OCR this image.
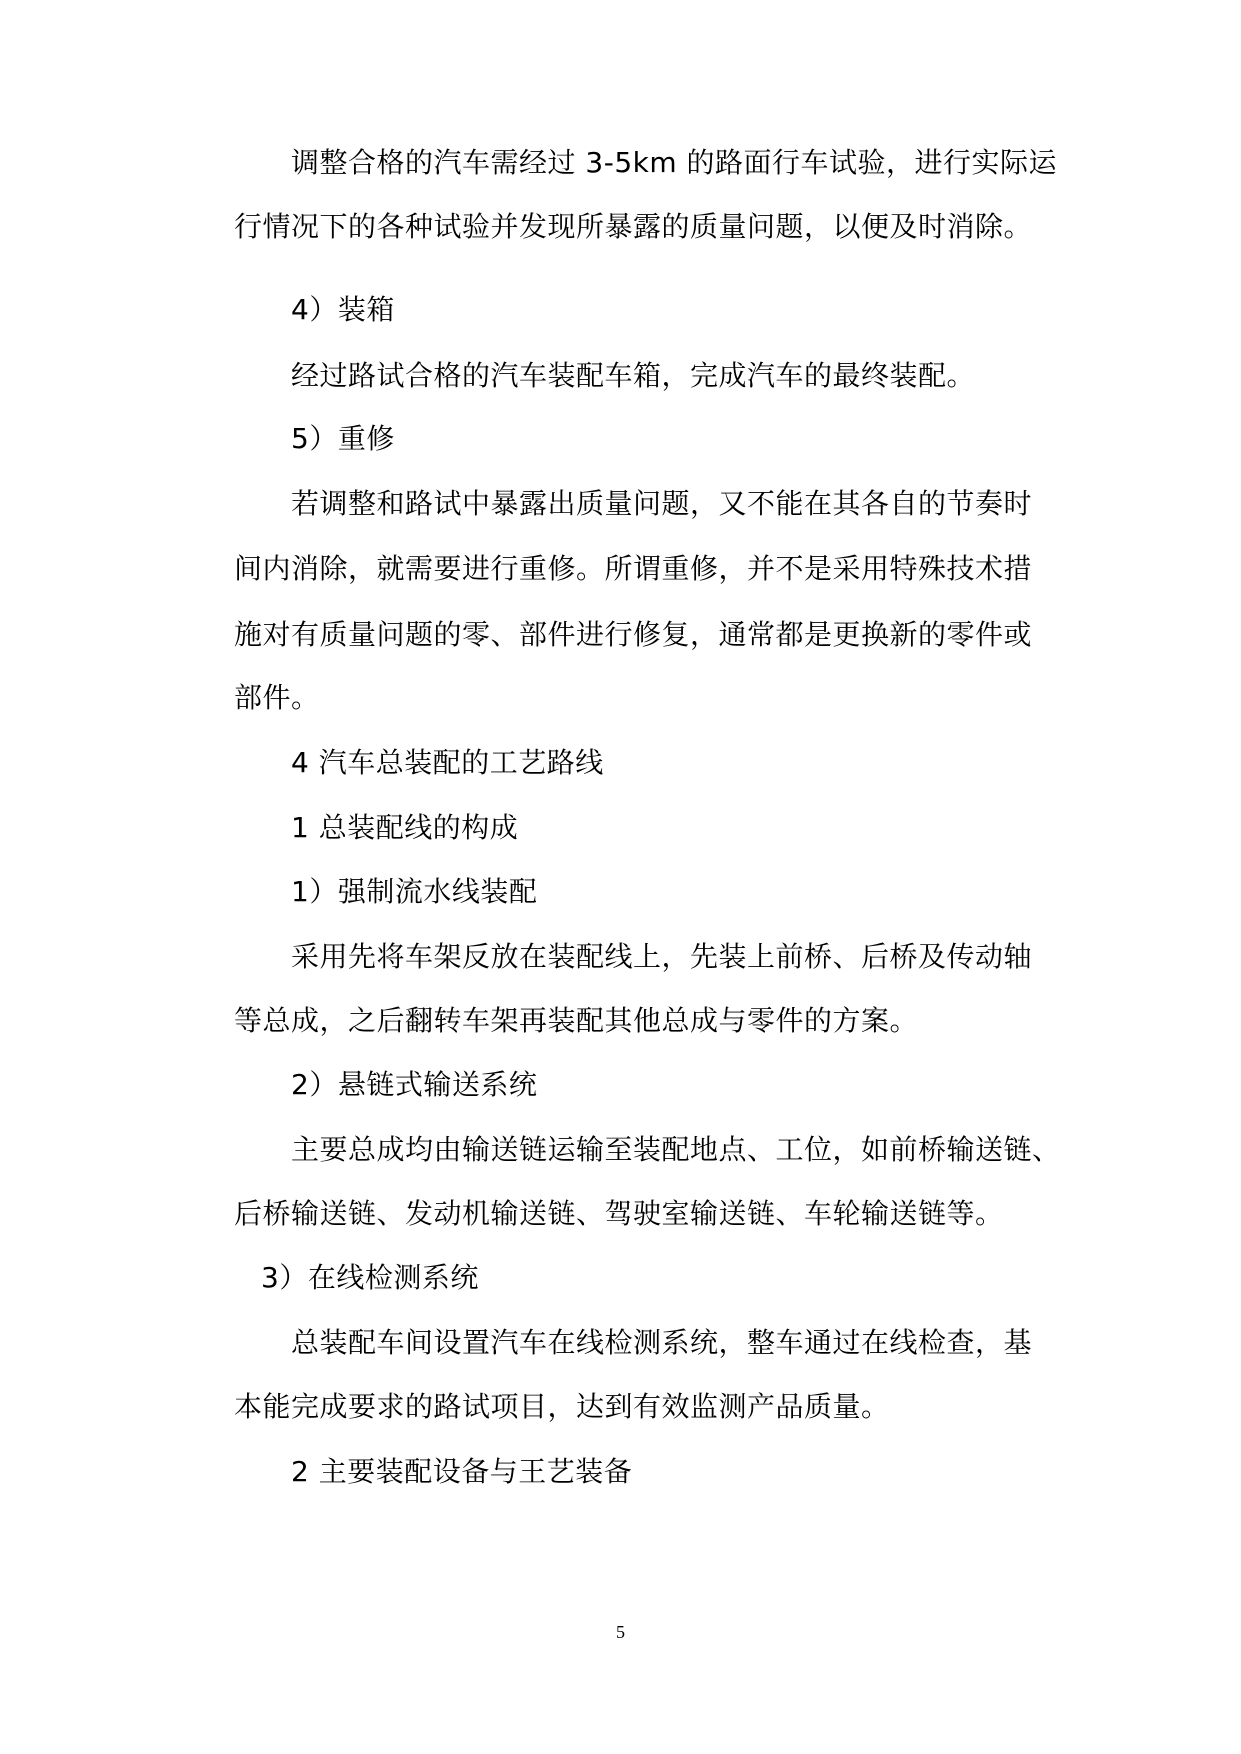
调整合格的汽车需经过 3-5km 的路面行车试验，进行实际运
行情况下的各种试验并发现所暴露的质量问题，以便及时消除。
4）装箱
经过路试合格的汽车装配车箱，完成汽车的最终装配。
5）重修
若调整和路试中暴露出质量问题，又不能在其各自的节奏时
间内消除，就需要进行重修。所谓重修，并不是采用特殊技术措
施对有质量问题的零、部件进行修复，通常都是更换新的零件或
部件。
4 汽车总装配的工艺路线
1 总装配线的构成
1）强制流水线装配
采用先将车架反放在装配线上，先装上前桥、后桥及传动轴
等总成，之后翻转车架再装配其他总成与零件的方案。
2）悬链式输送系统
主要总成均由输送链运输至装配地点、工位，如前桥输送链、
后桥输送链、发动机输送链、驾驶室输送链、车轮输送链等。
3）在线检测系统
总装配车间设置汽车在线检测系统，整车通过在线检查，基
本能完成要求的路试项目，达到有效监测产品质量。
2 主要装配设备与王艺装备
5
